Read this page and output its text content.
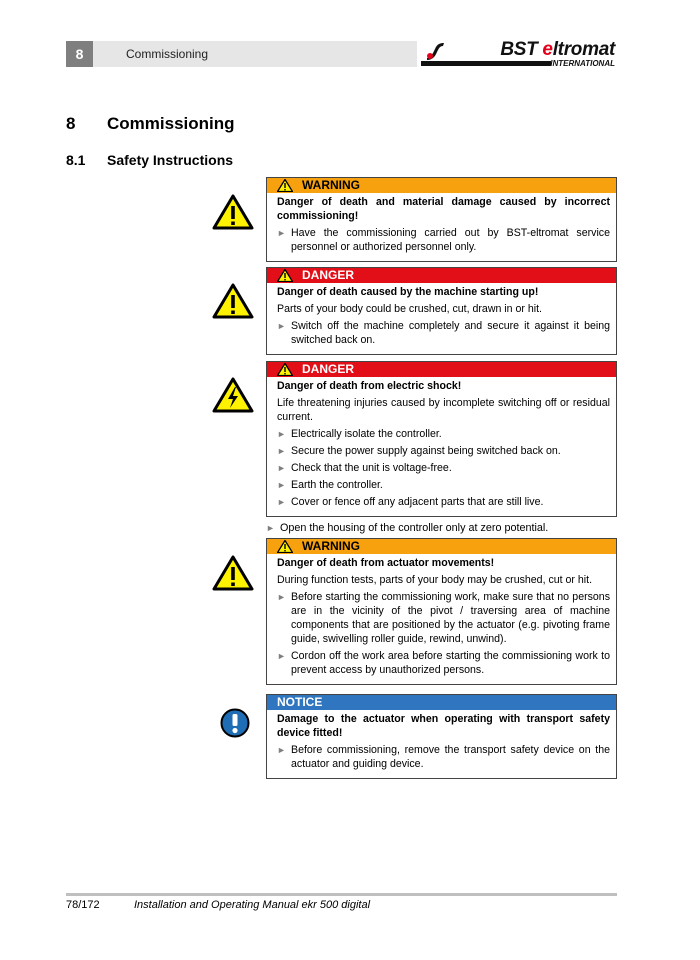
8	Commissioning	BST eltromat
INTERNATIONAL
8 Commissioning
8.1 Safety Instructions
WARNING
Danger of death and material damage caused by incorrect commissioning!
► Have the commissioning carried out by BST-eltromat service personnel or authorized personnel only.
DANGER
Danger of death caused by the machine starting up!
Parts of your body could be crushed, cut, drawn in or hit.
► Switch off the machine completely and secure it against it being switched back on.
DANGER
Danger of death from electric shock!
Life threatening injuries caused by incomplete switching off or residual current.
► Electrically isolate the controller.
► Secure the power supply against being switched back on.
► Check that the unit is voltage-free.
► Earth the controller.
► Cover or fence off any adjacent parts that are still live.
► Open the housing of the controller only at zero potential.
WARNING
Danger of death from actuator movements!
During function tests, parts of your body may be crushed, cut or hit.
► Before starting the commissioning work, make sure that no persons are in the vicinity of the pivot / traversing area of machine components that are positioned by the actuator (e.g. pivoting frame guide, swivelling roller guide, rewind, unwind).
► Cordon off the work area before starting the commissioning work to prevent access by unauthorized persons.
NOTICE
Damage to the actuator when operating with transport safety device fitted!
► Before commissioning, remove the transport safety device on the actuator and guiding device.
78/172	Installation and Operating Manual ekr 500 digital
